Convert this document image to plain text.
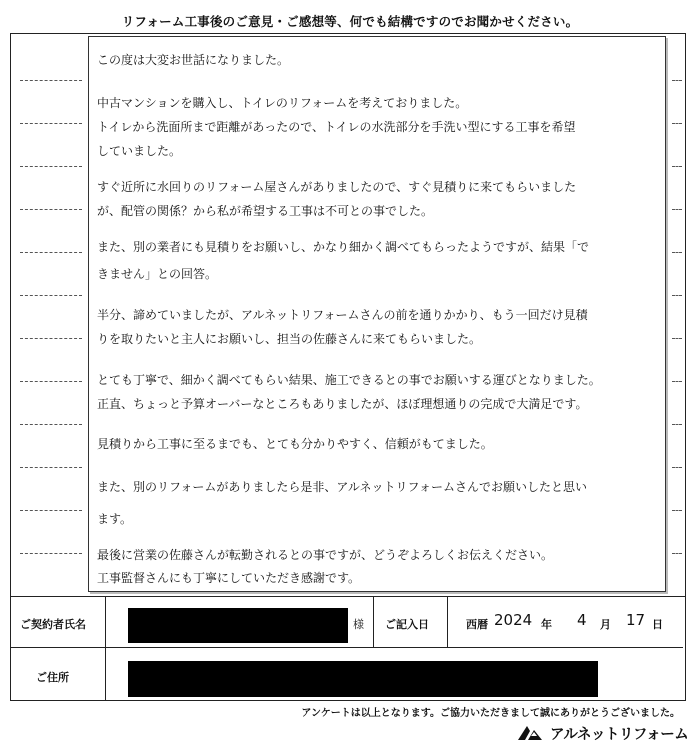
リフォーム工事後のご意見・ご感想等、何でも結構ですのでお聞かせください。
この度は大変お世話になりました。
中古マンションを購入し、トイレのリフォームを考えておりました。
トイレから洗面所まで距離があったので、トイレの水洗部分を手洗い型にする工事を希望
していました。
すぐ近所に水回りのリフォーム屋さんがありましたので、すぐ見積りに来てもらいました
が、配管の関係？から私が希望する工事は不可との事でした。
また、別の業者にも見積りをお願いし、かなり細かく調べてもらったようですが、結果「で
きません」との回答。
半分、諦めていましたが、アルネットリフォームさんの前を通りかかり、もう一回だけ見積
りを取りたいと主人にお願いし、担当の佐藤さんに来てもらいました。
とても丁寧で、細かく調べてもらい結果、施工できるとの事でお願いする運びとなりました。
正直、ちょっと予算オーバーなところもありましたが、ほぼ理想通りの完成で大満足です。
見積りから工事に至るまでも、とても分かりやすく、信頼がもてました。
また、別のリフォームがありましたら是非、アルネットリフォームさんでお願いしたと思い
ます。
最後に営業の佐藤さんが転勤されるとの事ですが、どうぞよろしくお伝えください。
工事監督さんにも丁寧にしていただき感謝です。
ご契約者氏名	様 ご記入日	西暦 2024 年 4 月 17 日
ご住所
アンケートは以上となります。ご協力いただきまして誠にありがとうございました。
アルネットリフォーム
